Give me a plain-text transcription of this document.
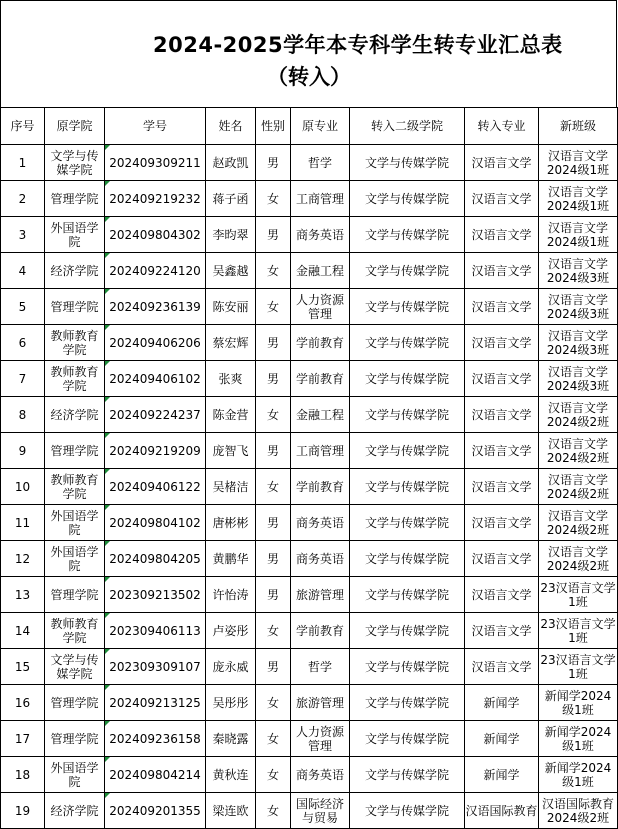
2024-2025学年本专科学生转专业汇总表
（转入）
序号	原学院	学号	姓名	性别	原专业	转入二级学院	转入专业	新班级
1	文学与传媒学院	202409309211	赵政凯	男	哲学	文学与传媒学院	汉语言文学	汉语言文学2024级1班
2	管理学院	202409219232	蒋子函	女	工商管理	文学与传媒学院	汉语言文学	汉语言文学2024级1班
3	外国语学院	202409804302	李昀翠	男	商务英语	文学与传媒学院	汉语言文学	汉语言文学2024级1班
4	经济学院	202409224120	吴鑫越	女	金融工程	文学与传媒学院	汉语言文学	汉语言文学2024级3班
5	管理学院	202409236139	陈安丽	女	人力资源管理	文学与传媒学院	汉语言文学	汉语言文学2024级3班
6	教师教育学院	202409406206	蔡宏辉	男	学前教育	文学与传媒学院	汉语言文学	汉语言文学2024级3班
7	教师教育学院	202409406102	张爽	男	学前教育	文学与传媒学院	汉语言文学	汉语言文学2024级3班
8	经济学院	202409224237	陈金营	女	金融工程	文学与传媒学院	汉语言文学	汉语言文学2024级2班
9	管理学院	202409219209	庞智飞	男	工商管理	文学与传媒学院	汉语言文学	汉语言文学2024级2班
10	教师教育学院	202409406122	吴楮洁	女	学前教育	文学与传媒学院	汉语言文学	汉语言文学2024级2班
11	外国语学院	202409804102	唐彬彬	男	商务英语	文学与传媒学院	汉语言文学	汉语言文学2024级2班
12	外国语学院	202409804205	黄鹏华	男	商务英语	文学与传媒学院	汉语言文学	汉语言文学2024级2班
13	管理学院	202309213502	许怡涛	男	旅游管理	文学与传媒学院	汉语言文学	23汉语言文学1班
14	教师教育学院	202309406113	卢姿彤	女	学前教育	文学与传媒学院	汉语言文学	23汉语言文学1班
15	文学与传媒学院	202309309107	庞永威	男	哲学	文学与传媒学院	汉语言文学	23汉语言文学1班
16	管理学院	202409213125	吴彤彤	女	旅游管理	文学与传媒学院	新闻学	新闻学2024级1班
17	管理学院	202409236158	秦晓露	女	人力资源管理	文学与传媒学院	新闻学	新闻学2024级1班
18	外国语学院	202409804214	黄秋连	女	商务英语	文学与传媒学院	新闻学	新闻学2024级1班
19	经济学院	202409201355	梁连欧	女	国际经济与贸易	文学与传媒学院	汉语国际教育	汉语国际教育2024级2班
